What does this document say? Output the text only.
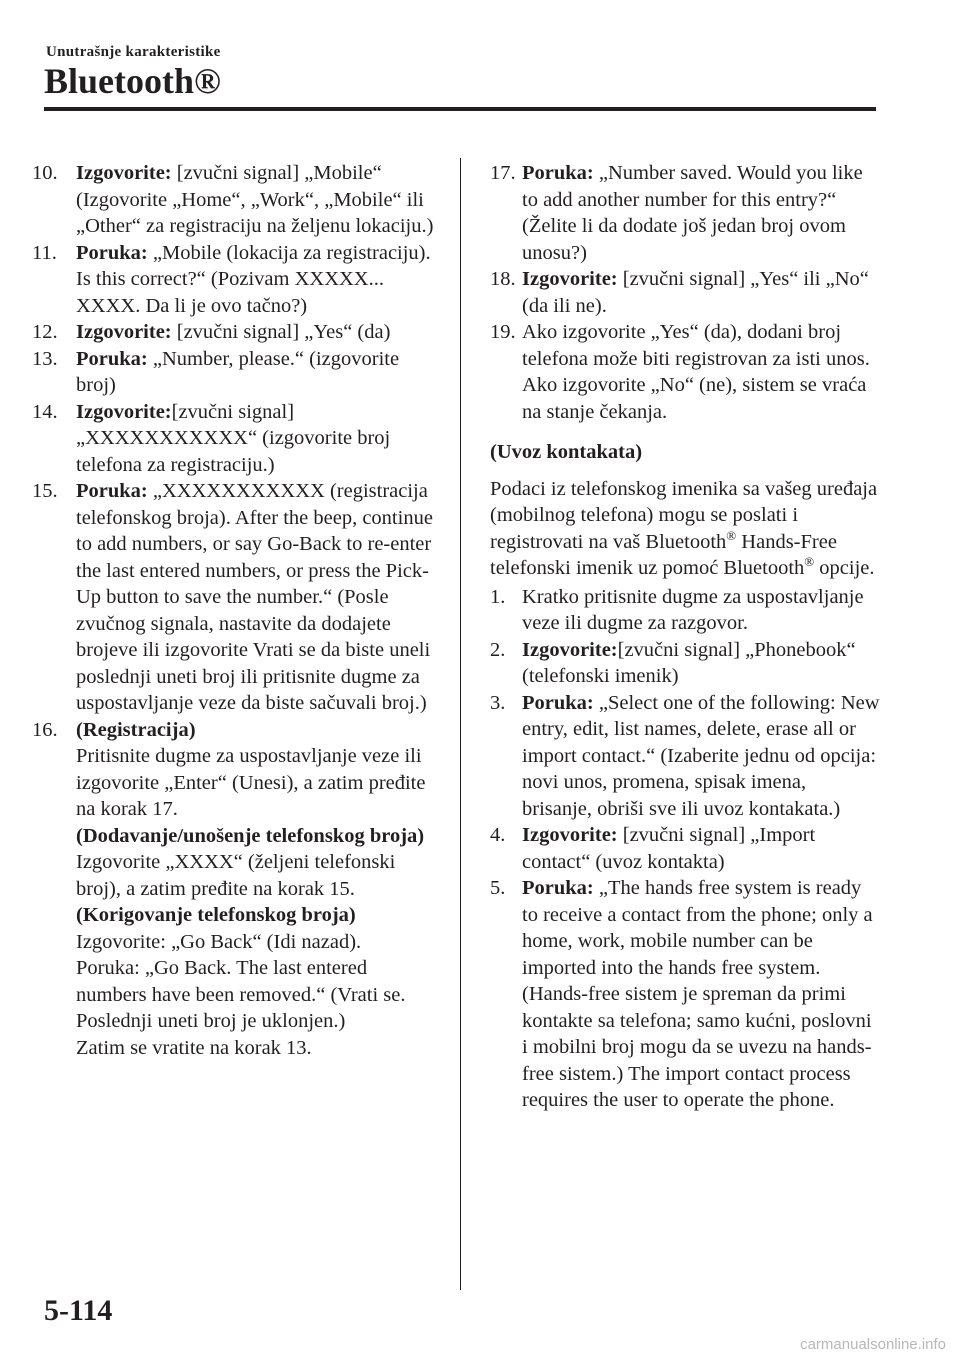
Unutrašnje karakteristike
Bluetooth®
10. Izgovorite: [zvučni signal] „Mobile“ (Izgovorite „Home“, „Work“, „Mobile“ ili „Other“ za registraciju na željenu lokaciju.)
11. Poruka: „Mobile (lokacija za registraciju). Is this correct?“ (Pozivam XXXXX... XXXX. Da li je ovo tačno?)
12. Izgovorite: [zvučni signal] „Yes“ (da)
13. Poruka: „Number, please.“ (izgovorite broj)
14. Izgovorite:[zvučni signal] „XXXXXXXXXXX“ (izgovorite broj telefona za registraciju.)
15. Poruka: „XXXXXXXXXXX (registracija telefonskog broja). After the beep, continue to add numbers, or say Go-Back to re-enter the last entered numbers, or press the Pick-Up button to save the number.“ (Posle zvučnog signala, nastavite da dodajete brojeve ili izgovorite Vrati se da biste uneli poslednji uneti broj ili pritisnite dugme za uspostavljanje veze da biste sačuvali broj.)
16. (Registracija)
Pritisnite dugme za uspostavljanje veze ili izgovorite „Enter“ (Unesi), a zatim pređite na korak 17.
(Dodavanje/unošenje telefonskog broja)
Izgovorite „XXXX“ (željeni telefonski broj), a zatim pređite na korak 15.
(Korigovanje telefonskog broja)
Izgovorite: „Go Back“ (Idi nazad).
Poruka: „Go Back. The last entered numbers have been removed.“ (Vrati se. Poslednji uneti broj je uklonjen.)
Zatim se vratite na korak 13.
17. Poruka: „Number saved. Would you like to add another number for this entry?“ (Želite li da dodate još jedan broj ovom unosu?)
18. Izgovorite: [zvučni signal] „Yes“ ili „No“ (da ili ne).
19. Ako izgovorite „Yes“ (da), dodani broj telefona može biti registrovan za isti unos.
Ako izgovorite „No“ (ne), sistem se vraća na stanje čekanja.
(Uvoz kontakata)
Podaci iz telefonskog imenika sa vašeg uređaja (mobilnog telefona) mogu se poslati i registrovati na vaš Bluetooth® Hands-Free telefonski imenik uz pomoć Bluetooth® opcije.
1. Kratko pritisnite dugme za uspostavljanje veze ili dugme za razgovor.
2. Izgovorite:[zvučni signal] „Phonebook“ (telefonski imenik)
3. Poruka: „Select one of the following: New entry, edit, list names, delete, erase all or import contact.“ (Izaberite jednu od opcija: novi unos, promena, spisak imena, brisanje, obriši sve ili uvoz kontakata.)
4. Izgovorite: [zvučni signal] „Import contact“ (uvoz kontakta)
5. Poruka: „The hands free system is ready to receive a contact from the phone; only a home, work, mobile number can be imported into the hands free system. (Hands-free sistem je spreman da primi kontakte sa telefona; samo kućni, poslovni i mobilni broj mogu da se uvezu na hands-free sistem.) The import contact process requires the user to operate the phone.
5-114
carmanualsonline.info
